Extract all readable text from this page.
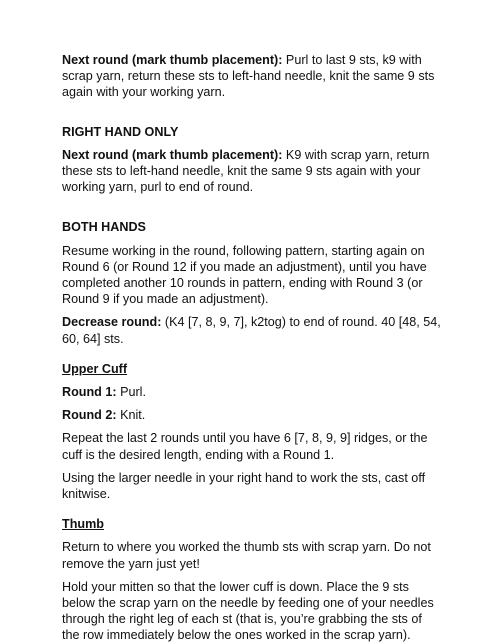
Next round (mark thumb placement): Purl to last 9 sts, k9 with scrap yarn, return these sts to left-hand needle, knit the same 9 sts again with your working yarn.

RIGHT HAND ONLY

Next round (mark thumb placement): K9 with scrap yarn, return these sts to left-hand needle, knit the same 9 sts again with your working yarn, purl to end of round.

BOTH HANDS

Resume working in the round, following pattern, starting again on Round 6 (or Round 12 if you made an adjustment), until you have completed another 10 rounds in pattern, ending with Round 3 (or Round 9 if you made an adjustment).

Decrease round: (K4 [7, 8, 9, 7], k2tog) to end of round. 40 [48, 54, 60, 64] sts.

Upper Cuff

Round 1: Purl.

Round 2: Knit.

Repeat the last 2 rounds until you have 6 [7, 8, 9, 9] ridges, or the cuff is the desired length, ending with a Round 1.

Using the larger needle in your right hand to work the sts, cast off knitwise.

Thumb

Return to where you worked the thumb sts with scrap yarn. Do not remove the yarn just yet!

Hold your mitten so that the lower cuff is down. Place the 9 sts below the scrap yarn on the needle by feeding one of your needles through the right leg of each st (that is, you’re grabbing the sts of the row immediately below the ones worked in the scrap yarn).
